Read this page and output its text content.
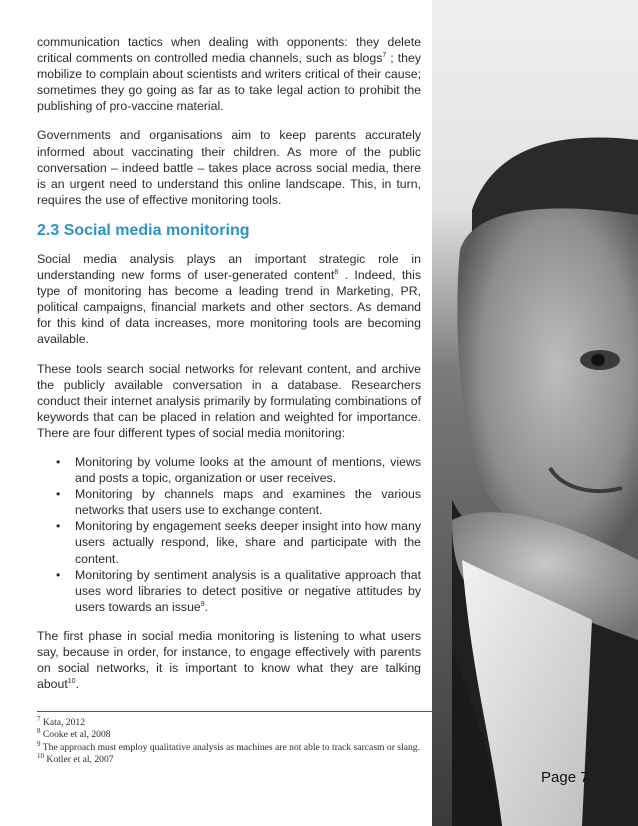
communication tactics when dealing with opponents: they delete critical comments on controlled media channels, such as blogs$^7$ ; they mobilize to complain about scientists and writers critical of their cause; sometimes they go going as far as to take legal action to prohibit the publishing of pro-vaccine material.

Governments and organisations aim to keep parents accurately informed about vaccinating their children. As more of the public conversation – indeed battle – takes place across social media, there is an urgent need to understand this online landscape. This, in turn, requires the use of effective monitoring tools.

2.3 Social media monitoring

Social media analysis plays an important strategic role in understanding new forms of user-generated content$^8$ . Indeed, this type of monitoring has become a leading trend in Marketing, PR, political campaigns, financial markets and other sectors. As demand for this kind of data increases, more monitoring tools are becoming available.

These tools search social networks for relevant content, and archive the publicly available conversation in a database. Researchers conduct their internet analysis primarily by formulating combinations of keywords that can be placed in relation and weighted for importance. There are four different types of social media monitoring:

• Monitoring by volume looks at the amount of mentions, views and posts a topic, organization or user receives.
• Monitoring by channels maps and examines the various networks that users use to exchange content.
• Monitoring by engagement seeks deeper insight into how many users actually respond, like, share and participate with the content.
• Monitoring by sentiment analysis is a qualitative approach that uses word libraries to detect positive or negative attitudes by users towards an issue$^9$.

The first phase in social media monitoring is listening to what users say, because in order, for instance, to engage effectively with parents on social networks, it is important to know what they are talking about$^{10}$.

$^7$ Kata, 2012

$^8$ Cooke et al, 2008

$^9$ The approach must employ qualitative analysis as machines are not able to track sarcasm or slang.

$^{10}$ Kotler et al, 2007

Page 7
